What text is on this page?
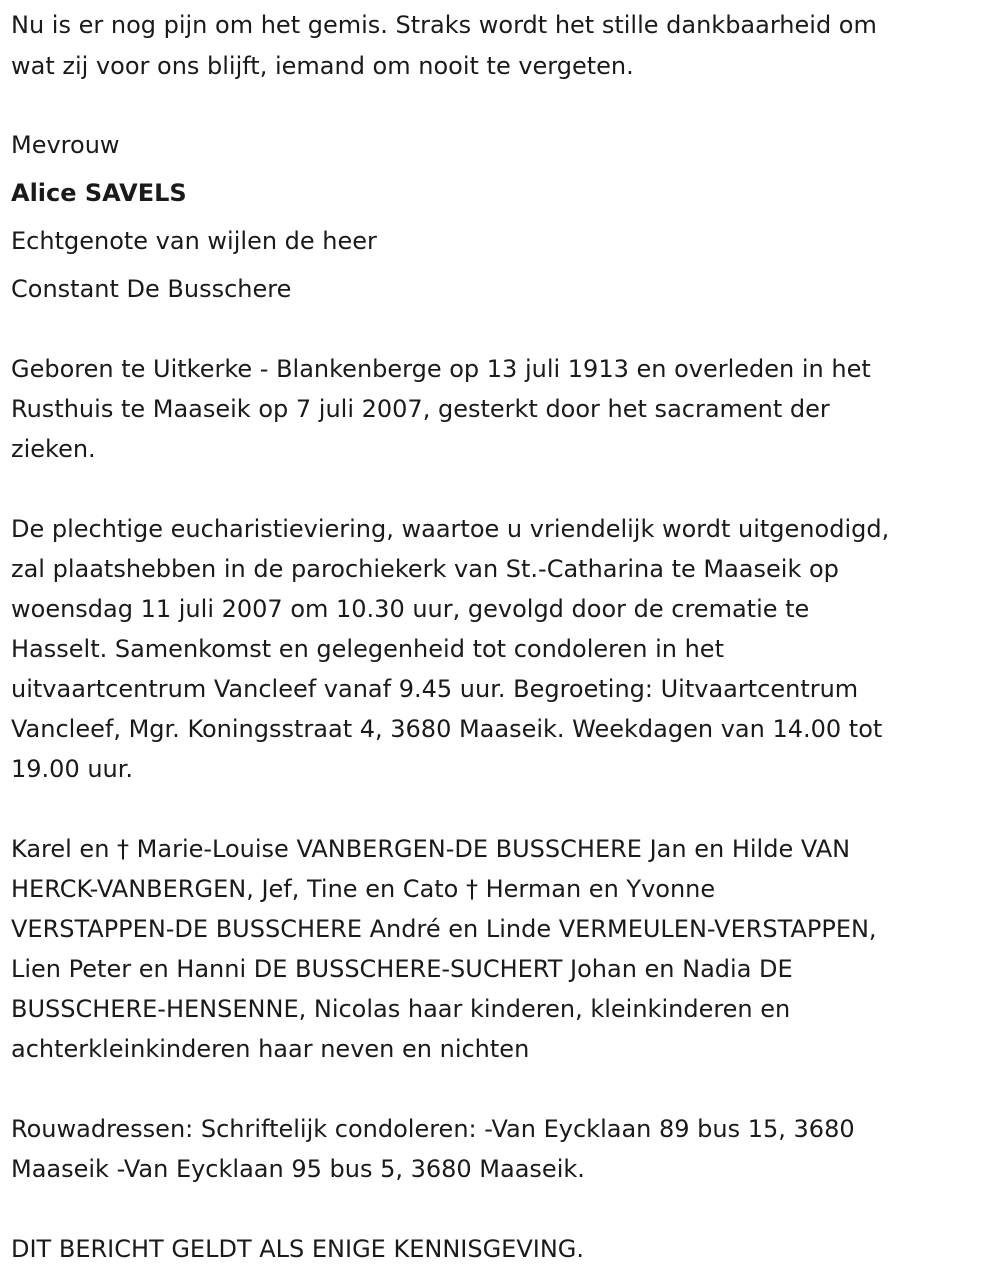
Nu is er nog pijn om het gemis. Straks wordt het stille dankbaarheid om

wat zij voor ons blijft, iemand om nooit te vergeten.

Mevrouw

Alice SAVELS

Echtgenote van wijlen de heer

Constant De Busschere

Geboren te Uitkerke - Blankenberge op 13 juli 1913 en overleden in het

Rusthuis te Maaseik op 7 juli 2007, gesterkt door het sacrament der

zieken.

De plechtige eucharistieviering, waartoe u vriendelijk wordt uitgenodigd,

zal plaatshebben in de parochiekerk van St.-Catharina te Maaseik op

woensdag 11 juli 2007 om 10.30 uur, gevolgd door de crematie te

Hasselt. Samenkomst en gelegenheid tot condoleren in het

uitvaartcentrum Vancleef vanaf 9.45 uur. Begroeting: Uitvaartcentrum

Vancleef, Mgr. Koningsstraat 4, 3680 Maaseik. Weekdagen van 14.00 tot

19.00 uur.

Karel en † Marie-Louise VANBERGEN-DE BUSSCHERE Jan en Hilde VAN

HERCK-VANBERGEN, Jef, Tine en Cato † Herman en Yvonne

VERSTAPPEN-DE BUSSCHERE André en Linde VERMEULEN-VERSTAPPEN,

Lien Peter en Hanni DE BUSSCHERE-SUCHERT Johan en Nadia DE

BUSSCHERE-HENSENNE, Nicolas haar kinderen, kleinkinderen en

achterkleinkinderen haar neven en nichten

Rouwadressen: Schriftelijk condoleren: -Van Eycklaan 89 bus 15, 3680

Maaseik -Van Eycklaan 95 bus 5, 3680 Maaseik.

DIT BERICHT GELDT ALS ENIGE KENNISGEVING.
